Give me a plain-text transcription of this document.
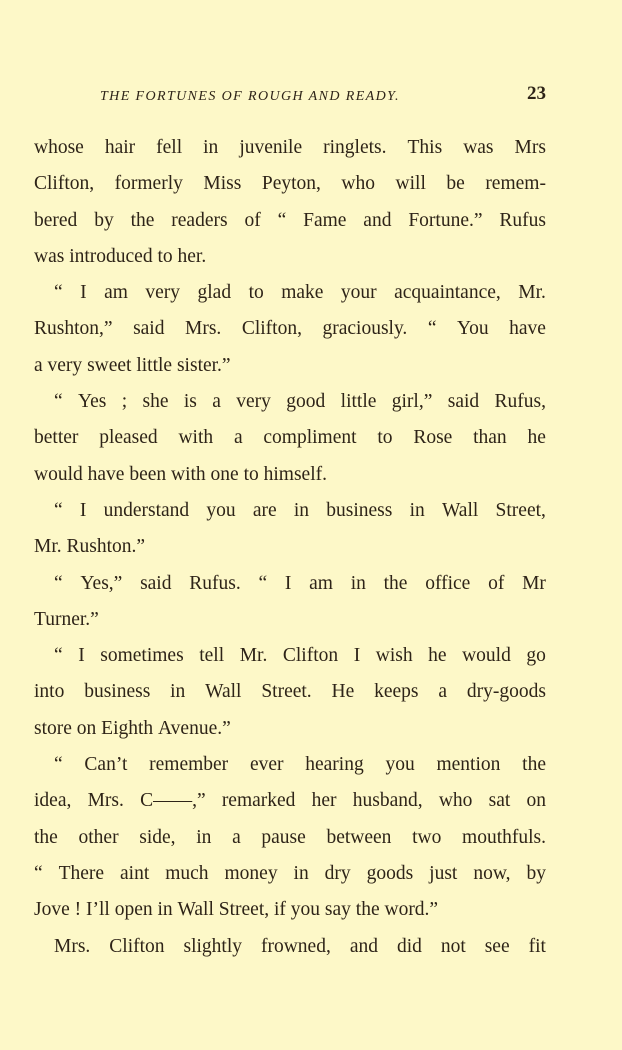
THE FORTUNES OF ROUGH AND READY.	23
whose hair fell in juvenile ringlets. This was Mrs
Clifton, formerly Miss Peyton, who will be remem-
bered by the readers of “ Fame and Fortune.” Rufus
was introduced to her.
“ I am very glad to make your acquaintance, Mr.
Rushton,” said Mrs. Clifton, graciously. “ You have
a very sweet little sister.”
“ Yes ; she is a very good little girl,” said Rufus,
better pleased with a compliment to Rose than he
would have been with one to himself.
“ I understand you are in business in Wall Street,
Mr. Rushton.”
“ Yes,” said Rufus. “ I am in the office of Mr
Turner.”
“ I sometimes tell Mr. Clifton I wish he would go
into business in Wall Street. He keeps a dry-goods
store on Eighth Avenue.”
“ Can’t remember ever hearing you mention the
idea, Mrs. C——,” remarked her husband, who sat on
the other side, in a pause between two mouthfuls.
“ There aint much money in dry goods just now, by
Jove ! I’ll open in Wall Street, if you say the word.”
Mrs. Clifton slightly frowned, and did not see fit
